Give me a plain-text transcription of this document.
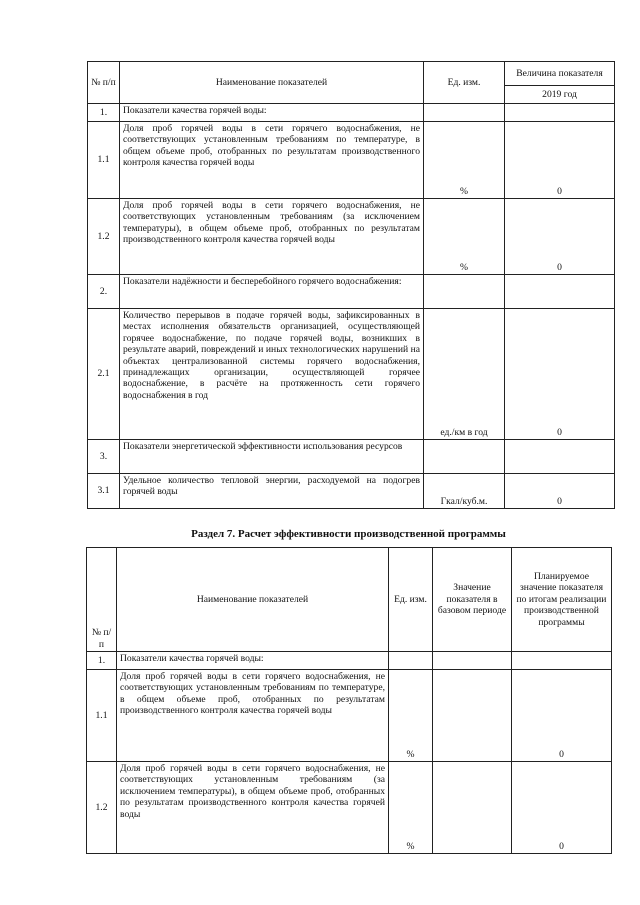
№ п/п	Наименование показателей	Ед. изм.	Величина показателя
			2019 год
1.	Показатели качества горячей воды:		
1.1	Доля проб горячей воды в сети горячего водоснабжения, не соответствующих установленным требованиям по температуре, в общем объеме проб, отобранных по результатам производственного контроля качества горячей воды	%	0
1.2	Доля проб горячей воды в сети горячего водоснабжения, не соответствующих установленным требованиям (за исключением температуры), в общем объеме проб, отобранных по результатам производственного контроля качества горячей воды	%	0
2.	Показатели надёжности и бесперебойного горячего водоснабжения:		
2.1	Количество перерывов в подаче горячей воды, зафиксированных в местах исполнения обязательств организацией, осуществляющей горячее водоснабжение, по подаче горячей воды, возникших в результате аварий, повреждений и иных технологических нарушений на объектах централизованной системы горячего водоснабжения, принадлежащих организации, осуществляющей горячее водоснабжение, в расчёте на протяженность сети горячего водоснабжения в год	ед./км в год	0
3.	Показатели энергетической эффективности использования ресурсов		
3.1	Удельное количество тепловой энергии, расходуемой на подогрев горячей воды	Гкал/куб.м.	0
Раздел 7. Расчет эффективности производственной программы
№ п/п	Наименование показателей	Ед. изм.	Значение показателя в базовом периоде	Планируемое значение показателя по итогам реализации производственной программы
1.	Показатели качества горячей воды:			
1.1	Доля проб горячей воды в сети горячего водоснабжения, не соответствующих установленным требованиям по температуре, в общем объеме проб, отобранных по результатам производственного контроля качества горячей воды	%		0
1.2	Доля проб горячей воды в сети горячего водоснабжения, не соответствующих установленным требованиям (за исключением температуры), в общем объеме проб, отобранных по результатам производственного контроля качества горячей воды	%		0
